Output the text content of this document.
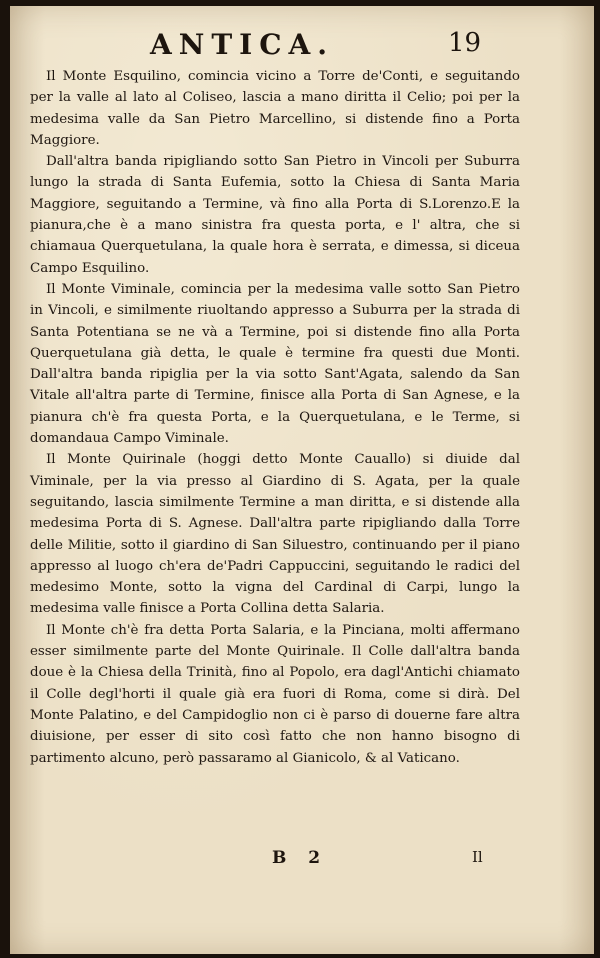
ANTICA.	19

Il Monte Esquilino, comincia vicino a Torre de'Conti, e seguitando per la valle al lato al Coliseo, lascia a mano diritta il Celio; poi per la medesima valle da San Pietro Marcellino, si distende fino a Porta Maggiore.

Dall'altra banda ripigliando sotto San Pietro in Vincoli per Suburra lungo la strada di Santa Eufemia, sotto la Chiesa di Santa Maria Maggiore, seguitando a Termine, và fino alla Porta di S.Lorenzo.E la pianura,che è a mano sinistra fra questa porta, e l' altra, che si chiamaua Querquetulana, la quale hora è serrata, e dimessa, si diceua Campo Esquilino.

Il Monte Viminale, comincia per la medesima valle sotto San Pietro in Vincoli, e similmente riuoltando appresso a Suburra per la strada di Santa Potentiana se ne và a Termine, poi si distende fino alla Porta Querquetulana già detta, le quale è termine fra questi due Monti. Dall'altra banda ripiglia per la via sotto Sant'Agata, salendo da San Vitale all'altra parte di Termine, finisce alla Porta di San Agnese, e la pianura ch'è fra questa Porta, e la Querquetulana, e le Terme, si domandaua Campo Viminale.

Il Monte Quirinale (hoggi detto Monte Cauallo) si diuide dal Viminale, per la via presso al Giardino di S. Agata, per la quale seguitando, lascia similmente Termine a man diritta, e si distende alla medesima Porta di S. Agnese. Dall'altra parte ripigliando dalla Torre delle Militie, sotto il giardino di San Siluestro, continuando per il piano appresso al luogo ch'era de'Padri Cappuccini, seguitando le radici del medesimo Monte, sotto la vigna del Cardinal di Carpi, lungo la medesima valle finisce a Porta Collina detta Salaria.

Il Monte ch'è fra detta Porta Salaria, e la Pinciana, molti affermano esser similmente parte del Monte Quirinale. Il Colle dall'altra banda doue è la Chiesa della Trinità, fino al Popolo, era dagl'Antichi chiamato il Colle degl'horti il quale già era fuori di Roma, come si dirà. Del Monte Palatino, e del Campidoglio non ci è parso di douerne fare altra diuisione, per esser di sito così fatto che non hanno bisogno di partimento alcuno, però passaramo al Gianicolo, & al Vaticano.

B 2	Il
